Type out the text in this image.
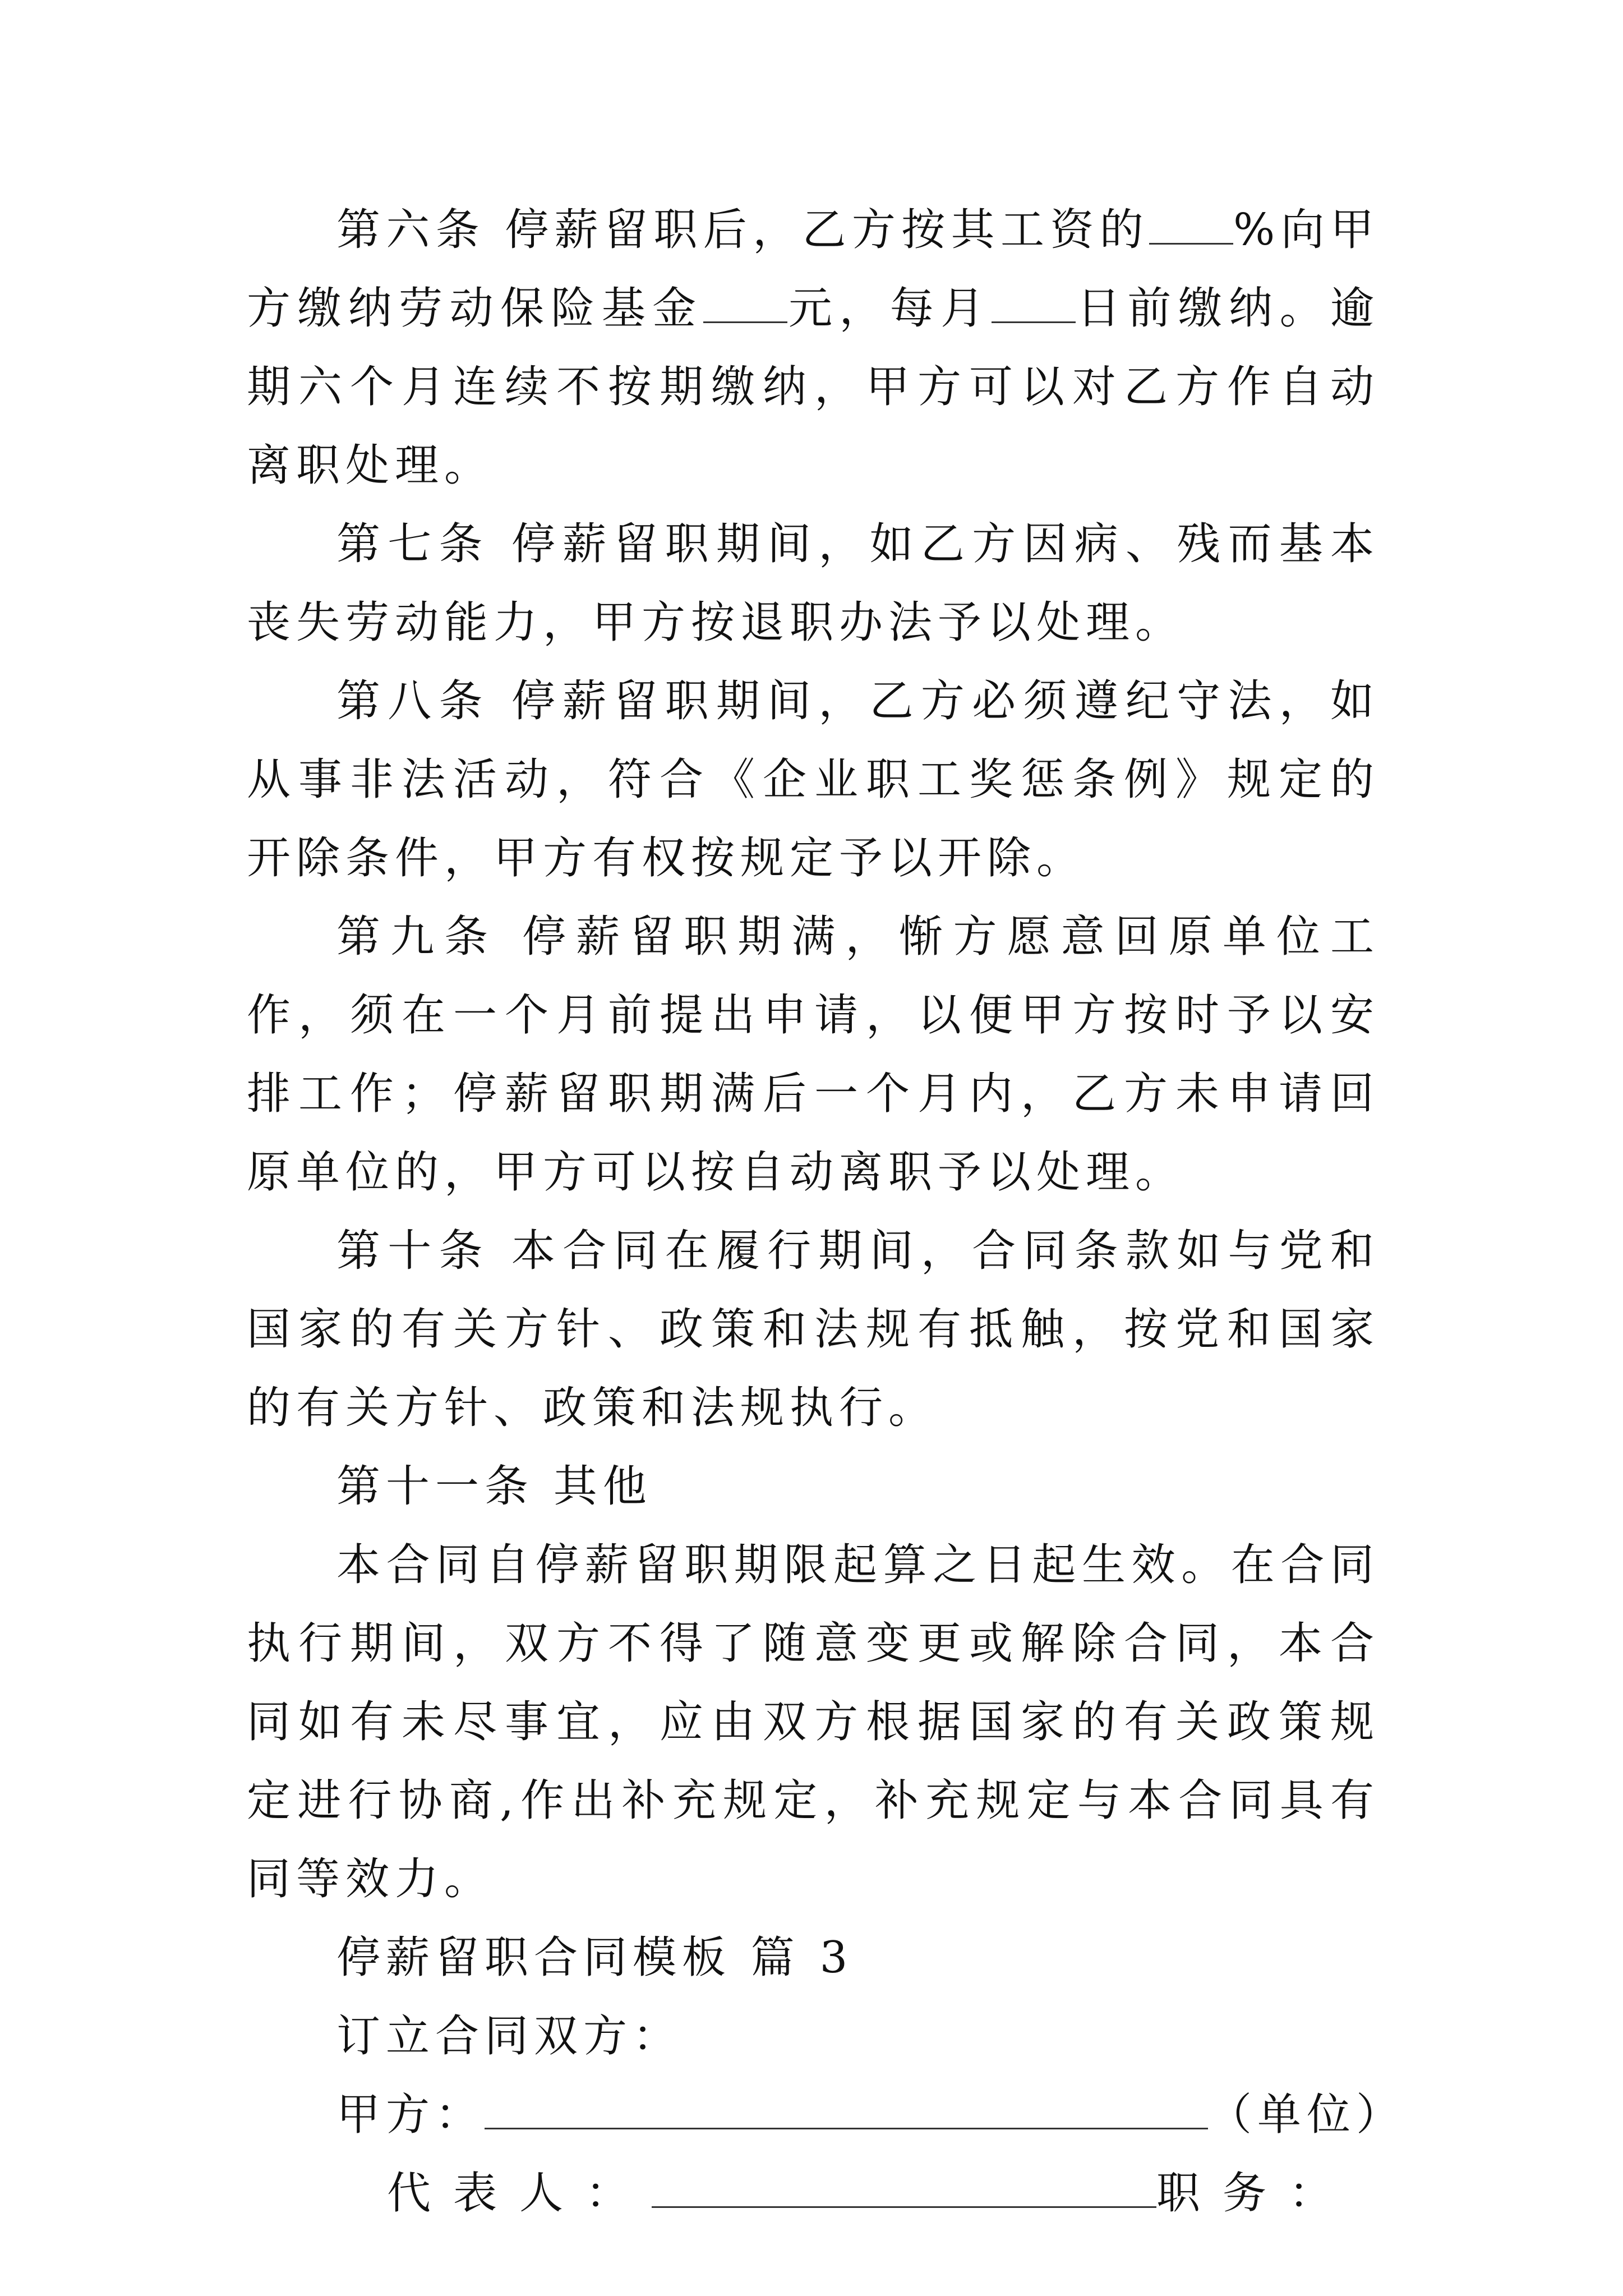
第六条 停薪留职后，乙方按其工资的 %向甲方缴纳劳动保险基金 元，每月 日前缴纳。逾期六个月连续不按期缴纳，甲方可以对乙方作自动离职处理。

第七条 停薪留职期间，如乙方因病、残而基本丧失劳动能力，甲方按退职办法予以处理。

第八条 停薪留职期间，乙方必须遵纪守法，如从事非法活动，符合《企业职工奖惩条例》规定的开除条件，甲方有权按规定予以开除。

第九条 停薪留职期满，惭方愿意回原单位工作，须在一个月前提出申请，以便甲方按时予以安排工作；停薪留职期满后一个月内，乙方未申请回原单位的，甲方可以按自动离职予以处理。

第十条 本合同在履行期间，合同条款如与党和国家的有关方针、政策和法规有抵触，按党和国家的有关方针、政策和法规执行。

第十一条 其他

本合同自停薪留职期限起算之日起生效。在合同执行期间，双方不得了随意变更或解除合同，本合同如有未尽事宜，应由双方根据国家的有关政策规定进行协商,作出补充规定，补充规定与本合同具有同等效力。

停薪留职合同模板 篇 3

订立合同双方：

甲方：	（单位）

代表人：	职务：
